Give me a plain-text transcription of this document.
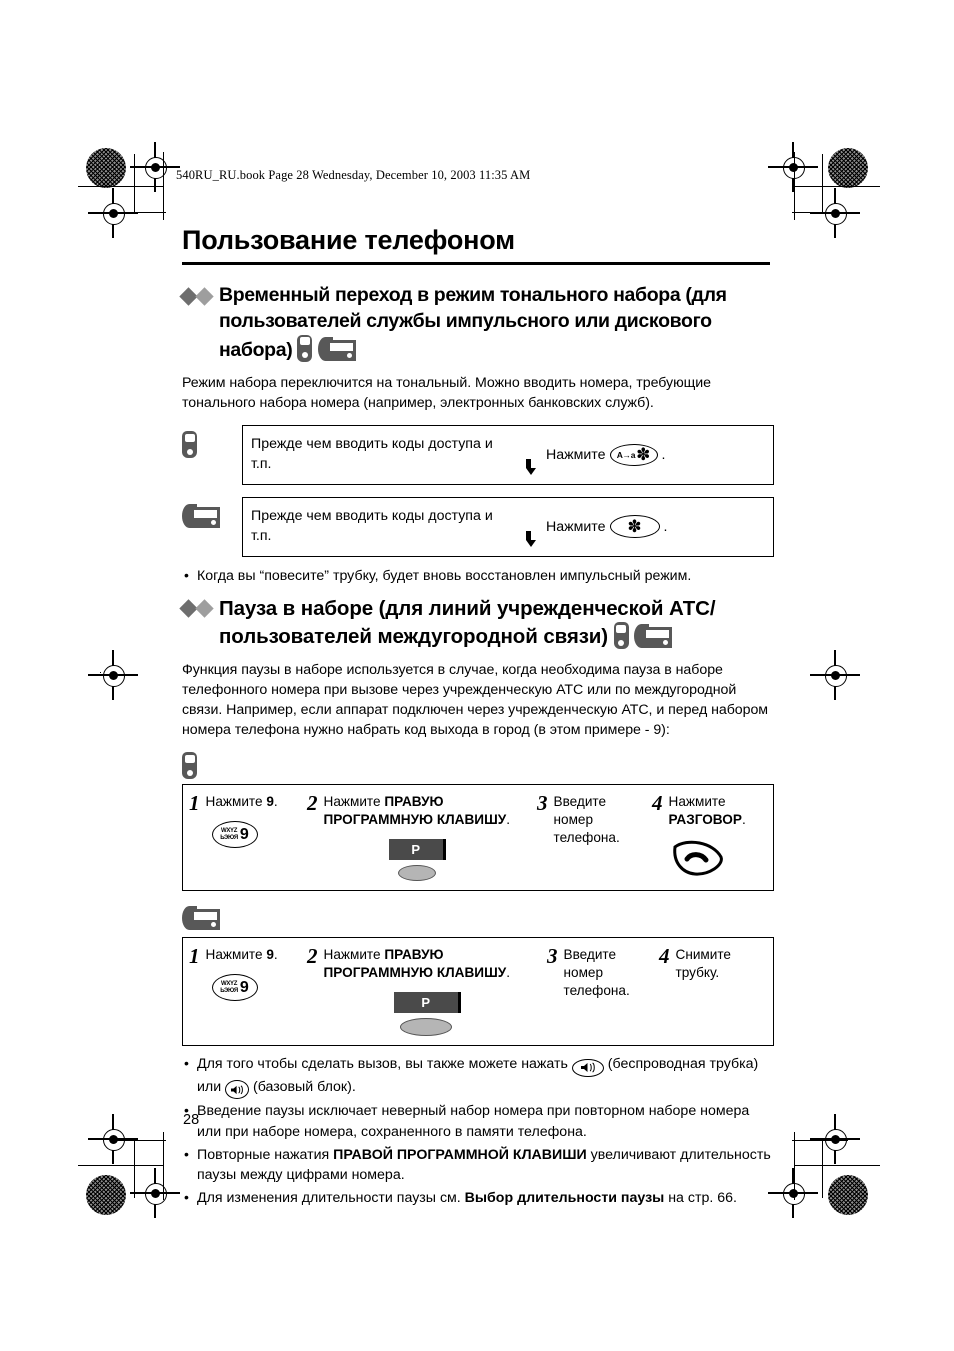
540RU_RU.book Page 28 Wednesday, December 10, 2003 11:35 AM
Пользование телефоном
Временный переход в режим тонального набора (для пользователей службы импульсного или дискового набора)

Режим набора переключится на тональный. Можно вводить номера, требующие тонального набора номера (например, электронных банковских служб).

Прежде чем вводить коды доступа и т.п.
Нажмите A→a ✽ .
Прежде чем вводить коды доступа и т.п.
Нажмите ✽ .
• Когда вы “повесите” трубку, будет вновь восстановлен импульсный режим.
Пауза в наборе (для линий учрежденческой АТС/ пользователей междугородной связи)

Функция паузы в наборе используется в случае, когда необходима пауза в наборе телефонного номера при вызове через учрежденческую АТС или по междугородной связи. Например, если аппарат подключен через учрежденческую АТС, и перед набором номера телефона нужно набрать код выхода в город (в этом примере - 9):

1 Нажмите 9.
WXYZ
ЬЭЮЯ 9
2 Нажмите ПРАВУЮ ПРОГРАММНУЮ КЛАВИШУ.
P
3 Введите номер телефона.
4 Нажмите РАЗГОВОР.
1 Нажмите 9.
WXYZ
ЬЭЮЯ 9
2 Нажмите ПРАВУЮ ПРОГРАММНУЮ КЛАВИШУ.
P
3 Введите номер телефона.
4 Снимите трубку.
• Для того чтобы сделать вызов, вы также можете нажать
(беспроводная трубка) или
(базовый блок).
• Введение паузы исключает неверный набор номера при повторном наборе номера или при наборе номера, сохраненного в памяти телефона.
• Повторные нажатия ПРАВОЙ ПРОГРАММНОЙ КЛАВИШИ увеличивают длительность паузы между цифрами номера.
• Для изменения длительности паузы см. Выбор длительности паузы на стр. 66.
28
